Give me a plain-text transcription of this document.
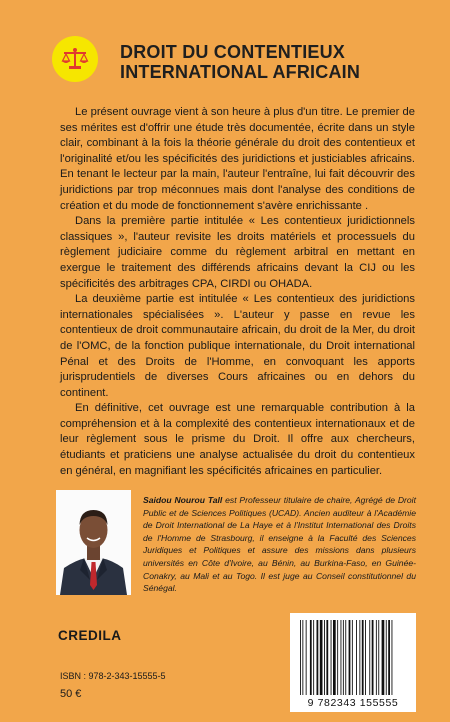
DROIT DU CONTENTIEUX
INTERNATIONAL AFRICAIN

Le présent ouvrage vient à son heure à plus d'un titre. Le premier de ses mérites est d'offrir une étude très documentée, écrite dans un style clair, combinant à la fois la théorie générale du droit des contentieux et l'originalité et/ou les spécificités des juridictions et justiciables africains. En tenant le lecteur par la main, l'auteur l'entraîne, lui fait découvrir des juridictions par trop méconnues mais dont l'analyse des conditions de création et du mode de fonctionnement s'avère enrichissante .

Dans la première partie intitulée « Les contentieux juridictionnels classiques », l'auteur revisite les droits matériels et processuels du règlement judiciaire comme du règlement arbitral en mettant en exergue le traitement des différends africains devant la CIJ ou les spécificités des arbitrages CPA, CIRDI ou OHADA.

La deuxième partie est intitulée « Les contentieux des juridictions internationales spécialisées ». L'auteur y passe en revue les contentieux de droit communautaire africain, du droit de la Mer, du droit de l'OMC, de la fonction publique internationale, du Droit international Pénal et des Droits de l'Homme, en convoquant les apports jurisprudentiels de diverses Cours africaines ou en dehors du continent.

En définitive, cet ouvrage est une remarquable contribution à la compréhension et à la complexité des contentieux internationaux et de leur règlement sous le prisme du Droit. Il offre aux chercheurs, étudiants et praticiens une analyse actualisée du droit du contentieux en général, en magnifiant les spécificités africaines en particulier.

Saidou Nourou Tall est Professeur titulaire de chaire, Agrégé de Droit Public et de Sciences Politiques (UCAD). Ancien auditeur à l'Académie de Droit International de La Haye et à l'Institut International des Droits de l'Homme de Strasbourg, il enseigne à la Faculté des Sciences Juridiques et Politiques et assure des missions dans plusieurs universités en Côte d'Ivoire, au Bénin, au Burkina-Faso, en Guinée-Conakry, au Mali et au Togo. Il est juge au Conseil constitutionnel du Sénégal.
CREDILA
ISBN : 978-2-343-15555-5
50 €
9 782343 155555
